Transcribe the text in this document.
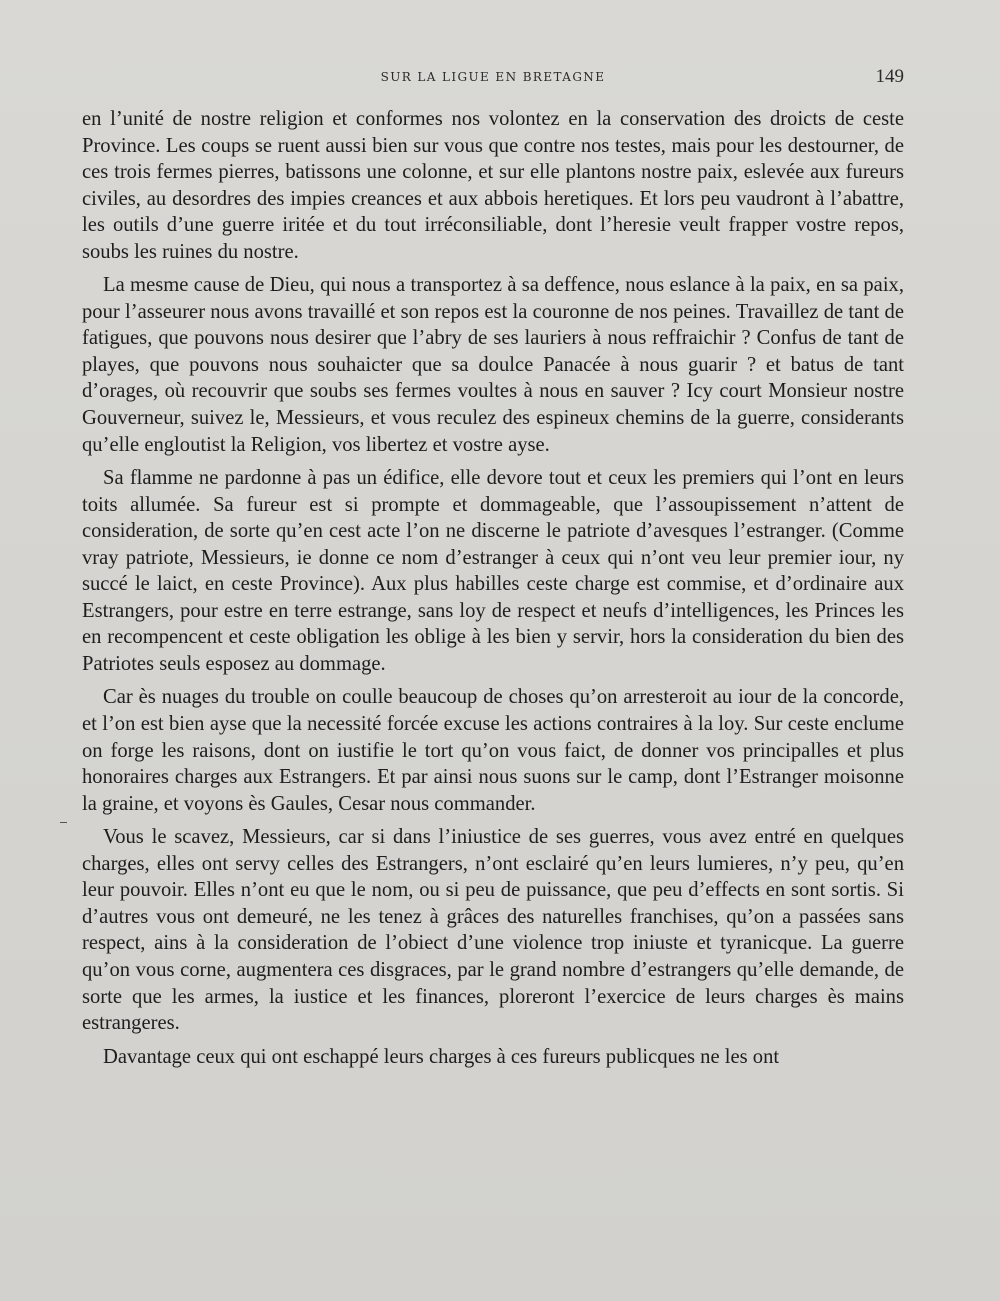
SUR LA LIGUE EN BRETAGNE	149

en l’unité de nostre religion et conformes nos volontez en la conservation des droicts de ceste Province. Les coups se ruent aussi bien sur vous que contre nos testes, mais pour les destourner, de ces trois fermes pierres, batissons une colonne, et sur elle plantons nostre paix, eslevée aux fureurs civiles, au desordres des impies creances et aux abbois heretiques. Et lors peu vaudront à l’abattre, les outils d’une guerre iritée et du tout irréconsiliable, dont l’heresie veult frapper vostre repos, soubs les ruines du nostre.

La mesme cause de Dieu, qui nous a transportez à sa deffence, nous eslance à la paix, en sa paix, pour l’asseurer nous avons travaillé et son repos est la couronne de nos peines. Travaillez de tant de fatigues, que pouvons nous desirer que l’abry de ses lauriers à nous reffraichir ? Confus de tant de playes, que pouvons nous souhaicter que sa doulce Panacée à nous guarir ? et batus de tant d’orages, où recouvrir que soubs ses fermes voultes à nous en sauver ? Icy court Monsieur nostre Gouverneur, suivez le, Messieurs, et vous reculez des espineux chemins de la guerre, considerants qu’elle engloutist la Religion, vos libertez et vostre ayse.

Sa flamme ne pardonne à pas un édifice, elle devore tout et ceux les premiers qui l’ont en leurs toits allumée. Sa fureur est si prompte et dommageable, que l’assoupissement n’attent de consideration, de sorte qu’en cest acte l’on ne discerne le patriote d’avesques l’estranger. (Comme vray patriote, Messieurs, ie donne ce nom d’estranger à ceux qui n’ont veu leur premier iour, ny succé le laict, en ceste Province). Aux plus habilles ceste charge est commise, et d’ordinaire aux Estrangers, pour estre en terre estrange, sans loy de respect et neufs d’intelligences, les Princes les en recompencent et ceste obligation les oblige à les bien y servir, hors la consideration du bien des Patriotes seuls esposez au dommage.

Car ès nuages du trouble on coulle beaucoup de choses qu’on arresteroit au iour de la concorde, et l’on est bien ayse que la necessité forcée excuse les actions contraires à la loy. Sur ceste enclume on forge les raisons, dont on iustifie le tort qu’on vous faict, de donner vos principalles et plus honoraires charges aux Estrangers. Et par ainsi nous suons sur le camp, dont l’Estranger moisonne la graine, et voyons ès Gaules, Cesar nous commander.

Vous le scavez, Messieurs, car si dans l’iniustice de ses guerres, vous avez entré en quelques charges, elles ont servy celles des Estrangers, n’ont esclairé qu’en leurs lumieres, n’y peu, qu’en leur pouvoir. Elles n’ont eu que le nom, ou si peu de puissance, que peu d’effects en sont sortis. Si d’autres vous ont demeuré, ne les tenez à grâces des naturelles franchises, qu’on a passées sans respect, ains à la consideration de l’obiect d’une violence trop iniuste et tyranicque. La guerre qu’on vous corne, augmentera ces disgraces, par le grand nombre d’estrangers qu’elle demande, de sorte que les armes, la iustice et les finances, ploreront l’exercice de leurs charges ès mains estrangeres.

Davantage ceux qui ont eschappé leurs charges à ces fureurs publicques ne les ont
